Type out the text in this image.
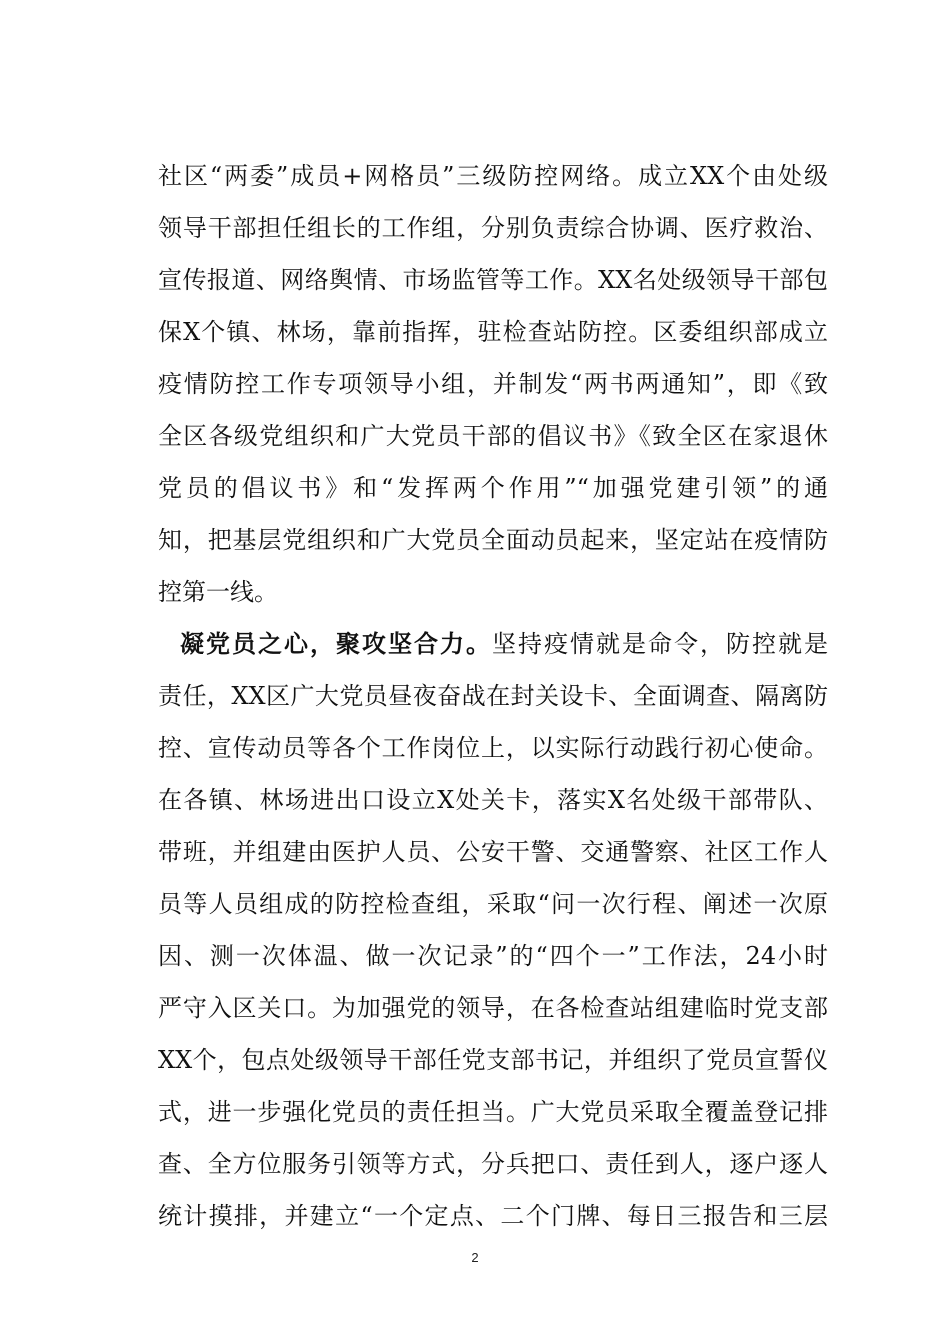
社区“两委”成员+网格员”三级防控网络。成立XX个由处级
领导干部担任组长的工作组，分别负责综合协调、医疗救治、
宣传报道、网络舆情、市场监管等工作。XX名处级领导干部包
保X个镇、林场，靠前指挥，驻检查站防控。区委组织部成立
疫情防控工作专项领导小组，并制发“两书两通知”，即《致
全区各级党组织和广大党员干部的倡议书》《致全区在家退休
党员的倡议书》和“发挥两个作用”“加强党建引领”的通
知，把基层党组织和广大党员全面动员起来，坚定站在疫情防
控第一线。
凝党员之心，聚攻坚合力。坚持疫情就是命令，防控就是
责任，XX区广大党员昼夜奋战在封关设卡、全面调查、隔离防
控、宣传动员等各个工作岗位上，以实际行动践行初心使命。
在各镇、林场进出口设立X处关卡，落实X名处级干部带队、
带班，并组建由医护人员、公安干警、交通警察、社区工作人
员等人员组成的防控检查组，采取“问一次行程、阐述一次原
因、测一次体温、做一次记录”的“四个一”工作法，24小时
严守入区关口。为加强党的领导，在各检查站组建临时党支部
XX个，包点处级领导干部任党支部书记，并组织了党员宣誓仪
式，进一步强化党员的责任担当。广大党员采取全覆盖登记排
查、全方位服务引领等方式，分兵把口、责任到人，逐户逐人
统计摸排，并建立“一个定点、二个门牌、每日三报告和三层
2
